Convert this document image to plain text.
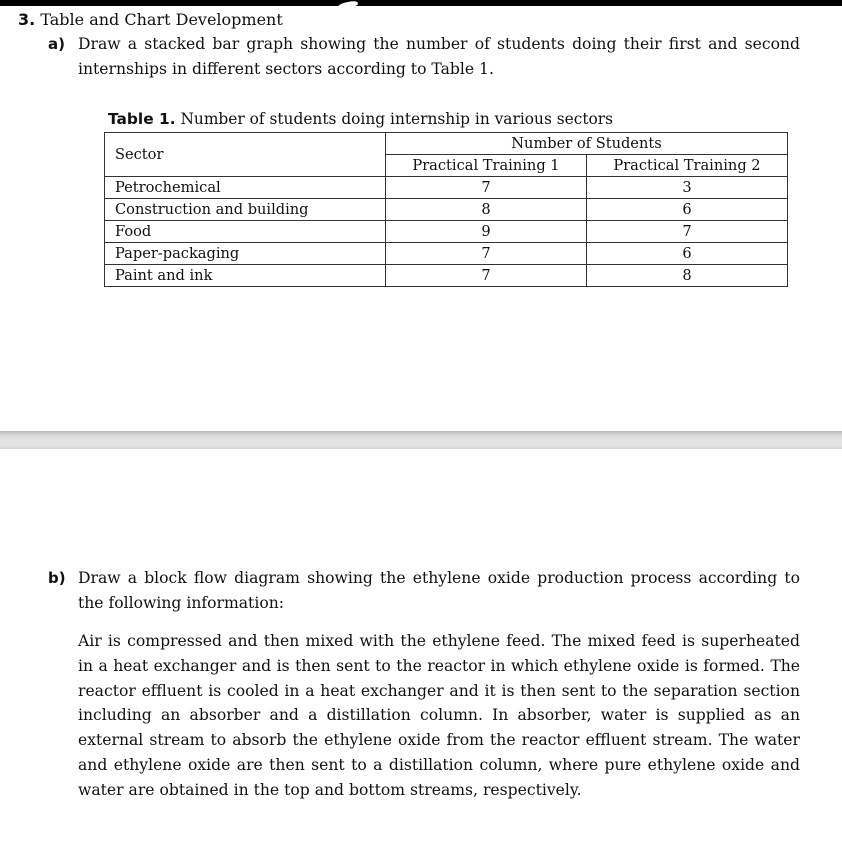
3. Table and Chart Development
a) Draw a stacked bar graph showing the number of students doing their first and second internships in different sectors according to Table 1.
Table 1. Number of students doing internship in various sectors
Sector	Number of Students	
	Practical Training 1	Practical Training 2
Petrochemical	7	3
Construction and building	8	6
Food	9	7
Paper-packaging	7	6
Paint and ink	7	8
b) Draw a block flow diagram showing the ethylene oxide production process according to the following information:
Air is compressed and then mixed with the ethylene feed. The mixed feed is superheated in a heat exchanger and is then sent to the reactor in which ethylene oxide is formed. The reactor effluent is cooled in a heat exchanger and it is then sent to the separation section including an absorber and a distillation column. In absorber, water is supplied as an external stream to absorb the ethylene oxide from the reactor effluent stream. The water and ethylene oxide are then sent to a distillation column, where pure ethylene oxide and water are obtained in the top and bottom streams, respectively.
